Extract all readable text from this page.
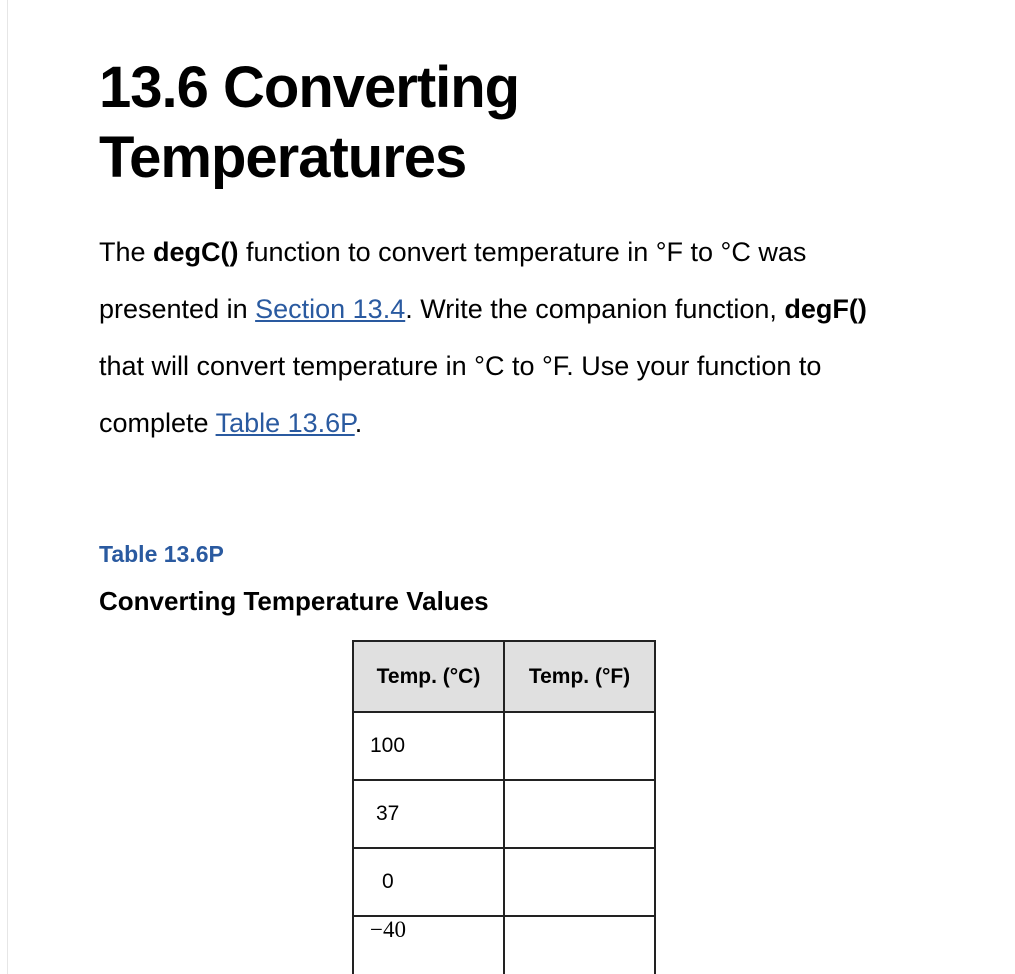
13.6 Converting Temperatures

The degC() function to convert temperature in °F to °C was presented in Section 13.4. Write the companion function, degF() that will convert temperature in °C to °F. Use your function to complete Table 13.6P.

Table 13.6P
Converting Temperature Values
Temp. (°C)	Temp. (°F)
100	
37	
0	
−40	
